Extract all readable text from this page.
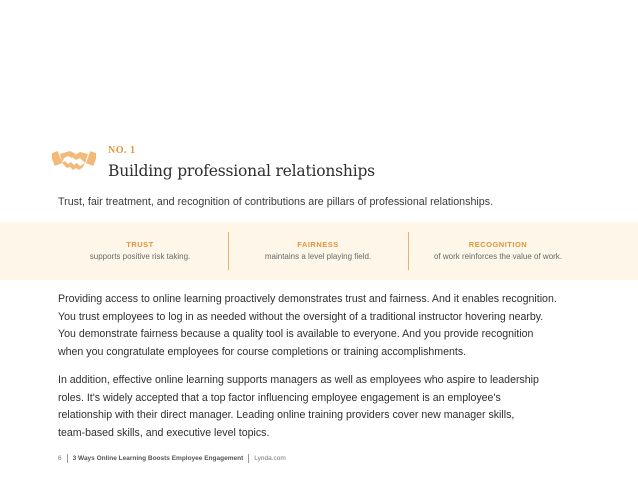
NO. 1
Building professional relationships
Trust, fair treatment, and recognition of contributions are pillars of professional relationships.
TRUST
supports positive risk taking.
FAIRNESS
maintains a level playing field.
RECOGNITION
of work reinforces the value of work.
Providing access to online learning proactively demonstrates trust and fairness. And it enables recognition.
You trust employees to log in as needed without the oversight of a traditional instructor hovering nearby.
You demonstrate fairness because a quality tool is available to everyone. And you provide recognition
when you congratulate employees for course completions or training accomplishments.
In addition, effective online learning supports managers as well as employees who aspire to leadership
roles. It's widely accepted that a top factor influencing employee engagement is an employee's
relationship with their direct manager. Leading online training providers cover new manager skills,
team-based skills, and executive level topics.
6 3 Ways Online Learning Boosts Employee Engagement Lynda.com
